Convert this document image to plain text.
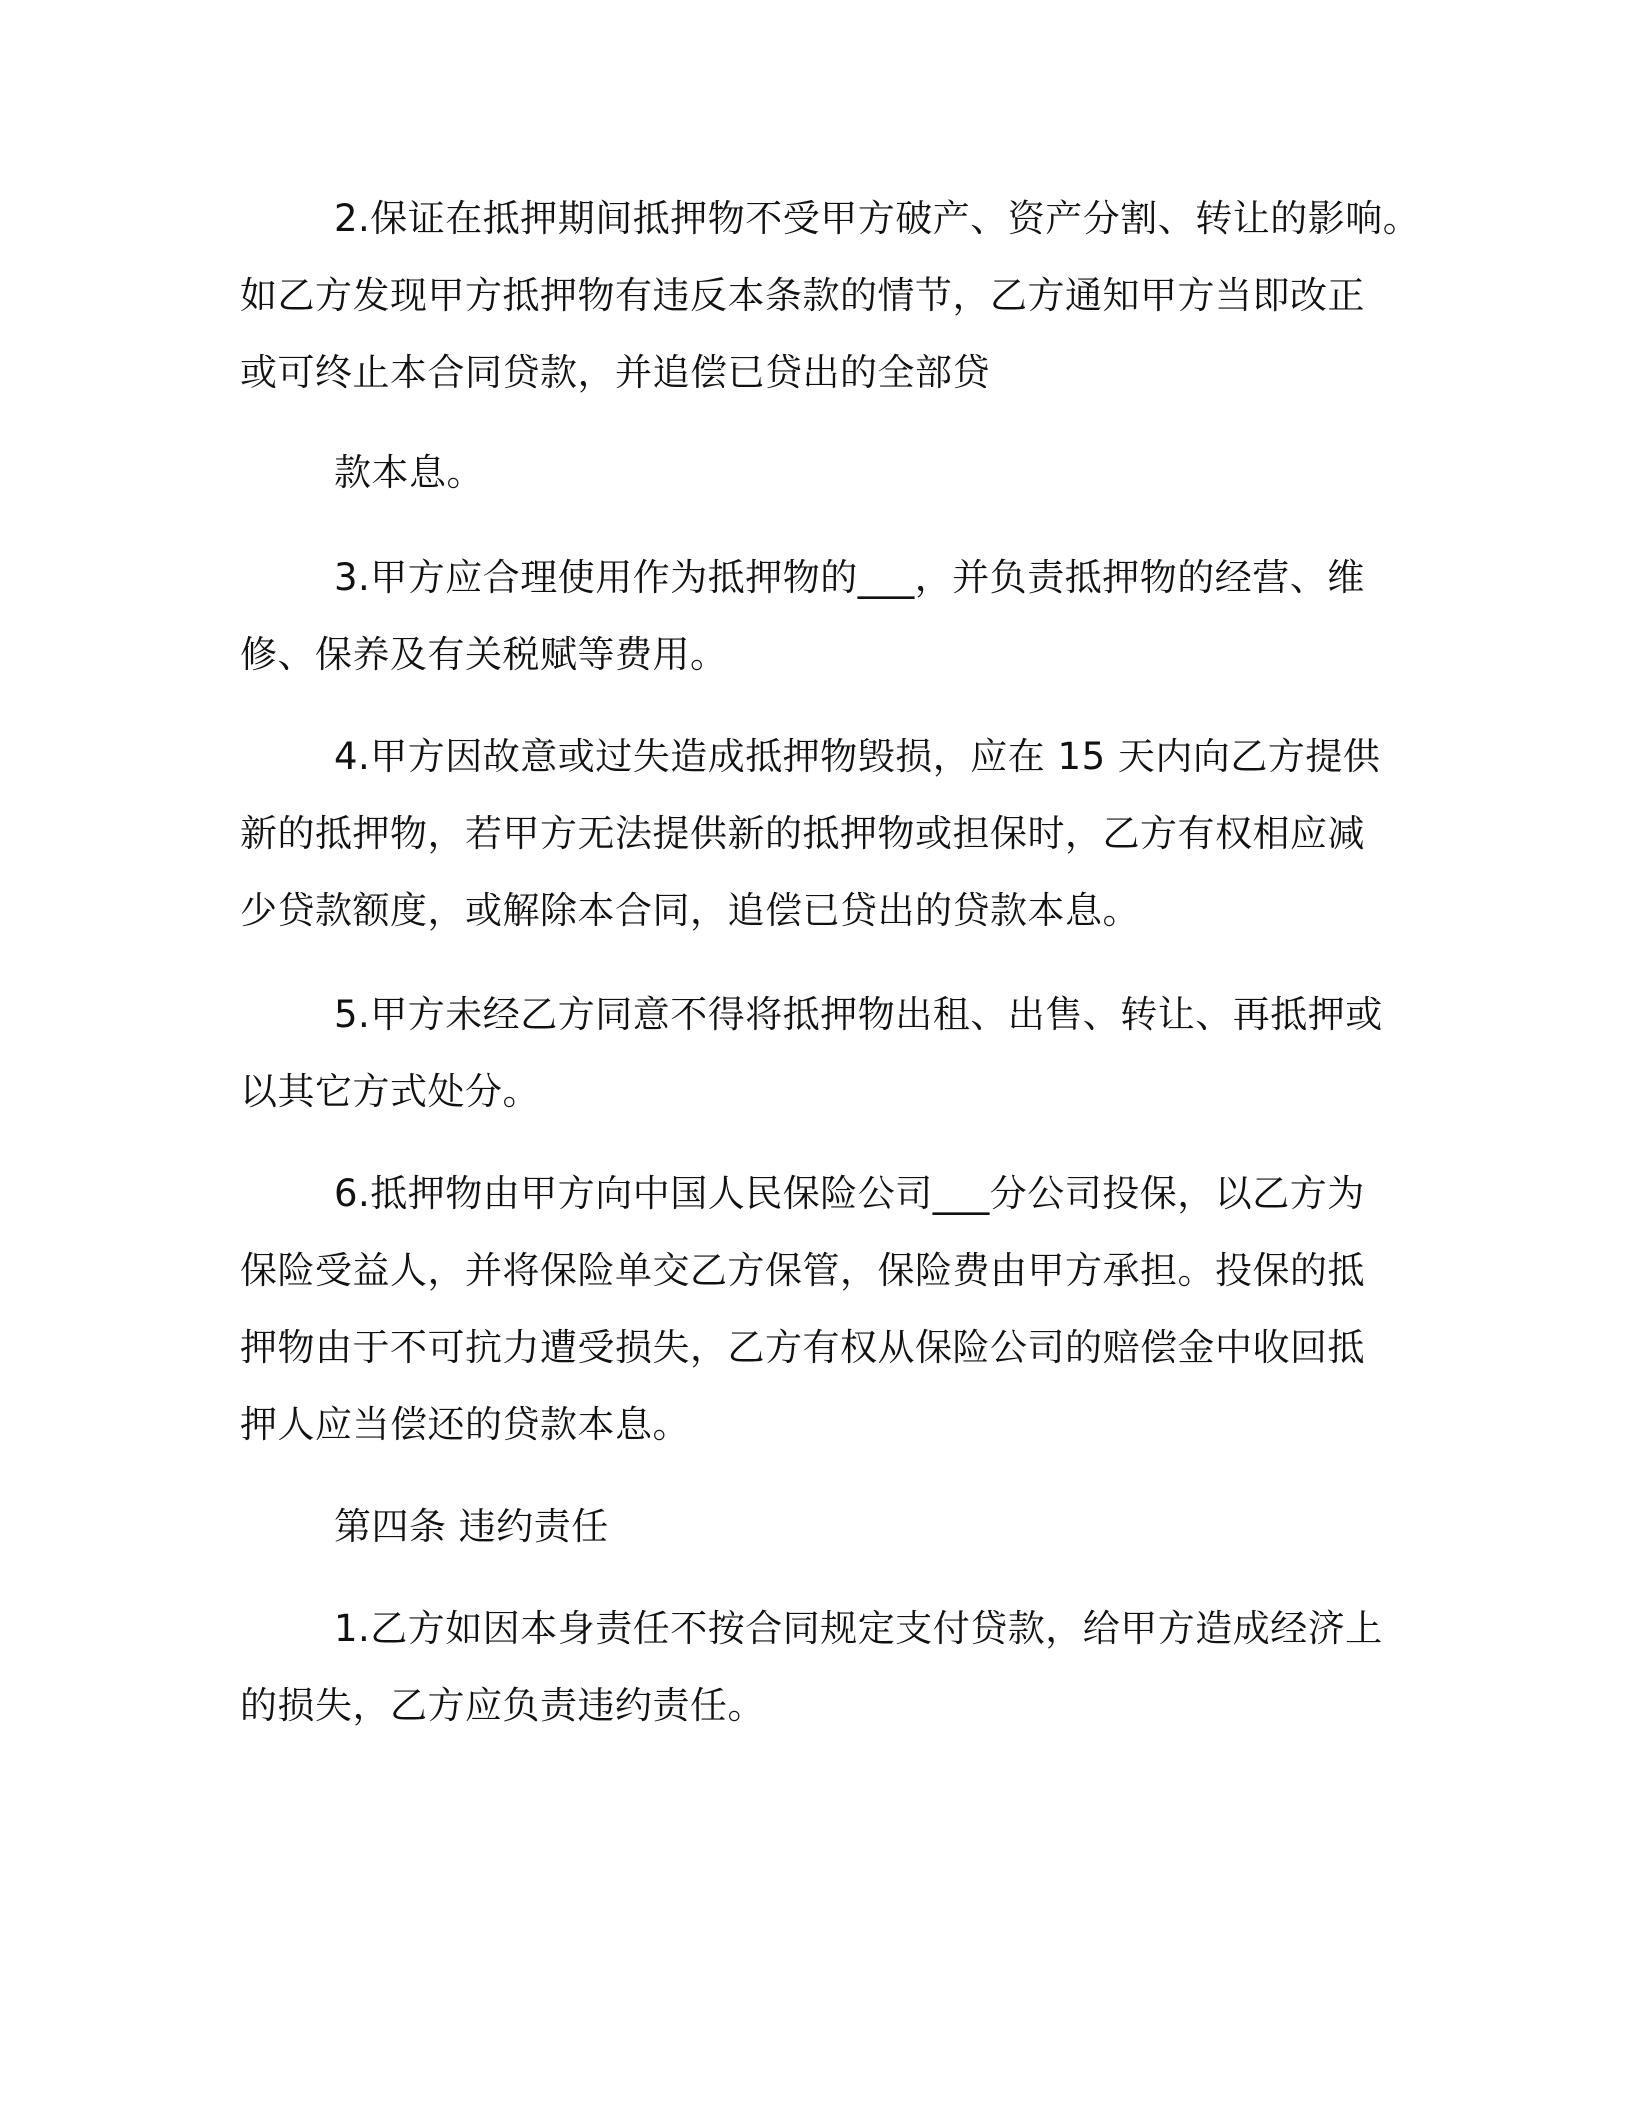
2.保证在抵押期间抵押物不受甲方破产、资产分割、转让的影响。
如乙方发现甲方抵押物有违反本条款的情节，乙方通知甲方当即改正
或可终止本合同贷款，并追偿已贷出的全部贷
款本息。
3.甲方应合理使用作为抵押物的___，并负责抵押物的经营、维
修、保养及有关税赋等费用。
4.甲方因故意或过失造成抵押物毁损，应在 15 天内向乙方提供
新的抵押物，若甲方无法提供新的抵押物或担保时，乙方有权相应减
少贷款额度，或解除本合同，追偿已贷出的贷款本息。
5.甲方未经乙方同意不得将抵押物出租、出售、转让、再抵押或
以其它方式处分。
6.抵押物由甲方向中国人民保险公司___分公司投保，以乙方为
保险受益人，并将保险单交乙方保管，保险费由甲方承担。投保的抵
押物由于不可抗力遭受损失，乙方有权从保险公司的赔偿金中收回抵
押人应当偿还的贷款本息。
第四条 违约责任
1.乙方如因本身责任不按合同规定支付贷款，给甲方造成经济上
的损失，乙方应负责违约责任。
